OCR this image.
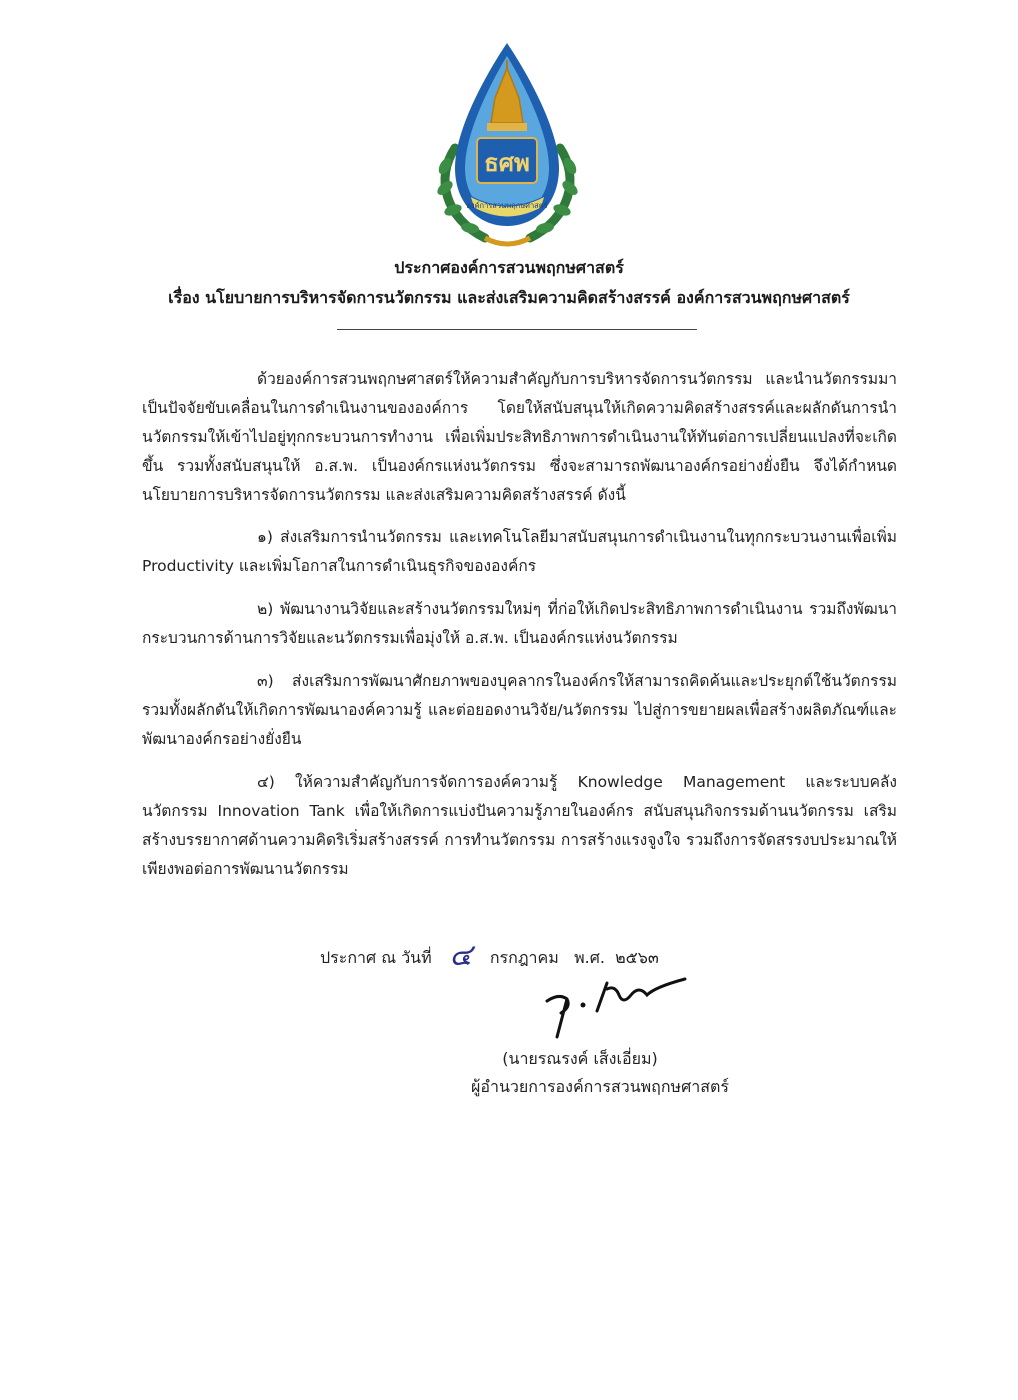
ธศพ
องค์การสวนพฤกษศาสตร์
ประกาศองค์การสวนพฤกษศาสตร์
เรื่อง นโยบายการบริหารจัดการนวัตกรรม และส่งเสริมความคิดสร้างสรรค์ องค์การสวนพฤกษศาสตร์
ด้วยองค์การสวนพฤกษศาสตร์ให้ความสำคัญกับการบริหารจัดการนวัตกรรม และนำนวัตกรรมมาเป็นปัจจัยขับเคลื่อนในการดำเนินงานขององค์การ โดยให้สนับสนุนให้เกิดความคิดสร้างสรรค์และผลักดันการนำนวัตกรรมให้เข้าไปอยู่ทุกกระบวนการทำงาน เพื่อเพิ่มประสิทธิภาพการดำเนินงานให้ทันต่อการเปลี่ยนแปลงที่จะเกิดขึ้น รวมทั้งสนับสนุนให้ อ.ส.พ. เป็นองค์กรแห่งนวัตกรรม ซึ่งจะสามารถพัฒนาองค์กรอย่างยั่งยืน จึงได้กำหนดนโยบายการบริหารจัดการนวัตกรรม และส่งเสริมความคิดสร้างสรรค์ ดังนี้
๑) ส่งเสริมการนำนวัตกรรม และเทคโนโลยีมาสนับสนุนการดำเนินงานในทุกกระบวนงานเพื่อเพิ่ม Productivity และเพิ่มโอกาสในการดำเนินธุรกิจขององค์กร
๒) พัฒนางานวิจัยและสร้างนวัตกรรมใหม่ๆ ที่ก่อให้เกิดประสิทธิภาพการดำเนินงาน รวมถึงพัฒนากระบวนการด้านการวิจัยและนวัตกรรมเพื่อมุ่งให้ อ.ส.พ. เป็นองค์กรแห่งนวัตกรรม
๓) ส่งเสริมการพัฒนาศักยภาพของบุคลากรในองค์กรให้สามารถคิดค้นและประยุกต์ใช้นวัตกรรม รวมทั้งผลักดันให้เกิดการพัฒนาองค์ความรู้ และต่อยอดงานวิจัย/นวัตกรรม ไปสู่การขยายผลเพื่อสร้างผลิตภัณฑ์และพัฒนาองค์กรอย่างยั่งยืน
๔) ให้ความสำคัญกับการจัดการองค์ความรู้ Knowledge Management และระบบคลังนวัตกรรม Innovation Tank เพื่อให้เกิดการแบ่งปันความรู้ภายในองค์กร สนับสนุนกิจกรรมด้านนวัตกรรม เสริมสร้างบรรยากาศด้านความคิดริเริ่มสร้างสรรค์ การทำนวัตกรรม การสร้างแรงจูงใจ รวมถึงการจัดสรรงบประมาณให้เพียงพอต่อการพัฒนานวัตกรรม
ประกาศ ณ วันที่ ๔ กรกฎาคม พ.ศ. ๒๕๖๓
(นายรณรงค์ เส็งเอี่ยม)
ผู้อำนวยการองค์การสวนพฤกษศาสตร์
